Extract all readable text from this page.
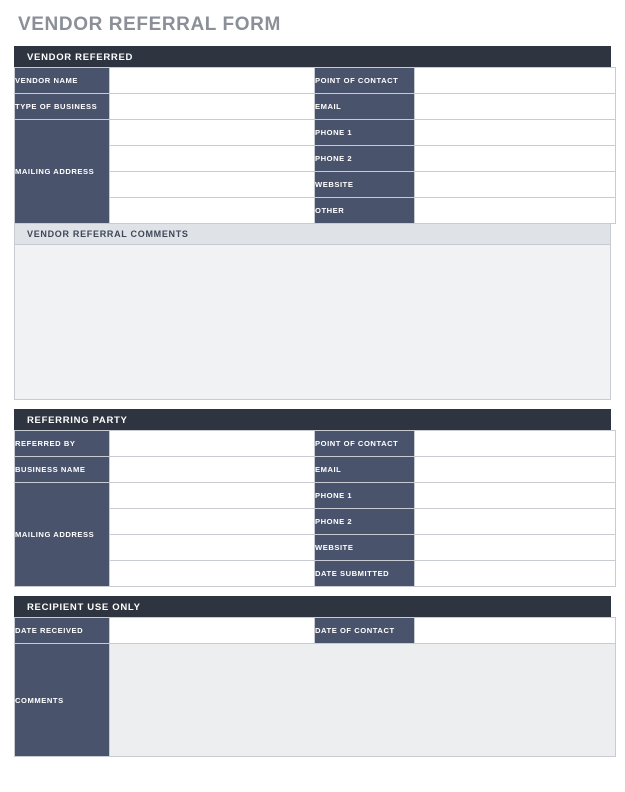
VENDOR REFERRAL FORM
VENDOR REFERRED
VENDOR NAME		POINT OF CONTACT	
TYPE OF BUSINESS		EMAIL	
MAILING ADDRESS		PHONE 1	
		PHONE 2	
		WEBSITE	
		OTHER	
VENDOR REFERRAL COMMENTS
REFERRING PARTY
REFERRED BY		POINT OF CONTACT	
BUSINESS NAME		EMAIL	
MAILING ADDRESS		PHONE 1	
		PHONE 2	
		WEBSITE	
		DATE SUBMITTED	
RECIPIENT USE ONLY
DATE RECEIVED		DATE OF CONTACT	
COMMENTS			
